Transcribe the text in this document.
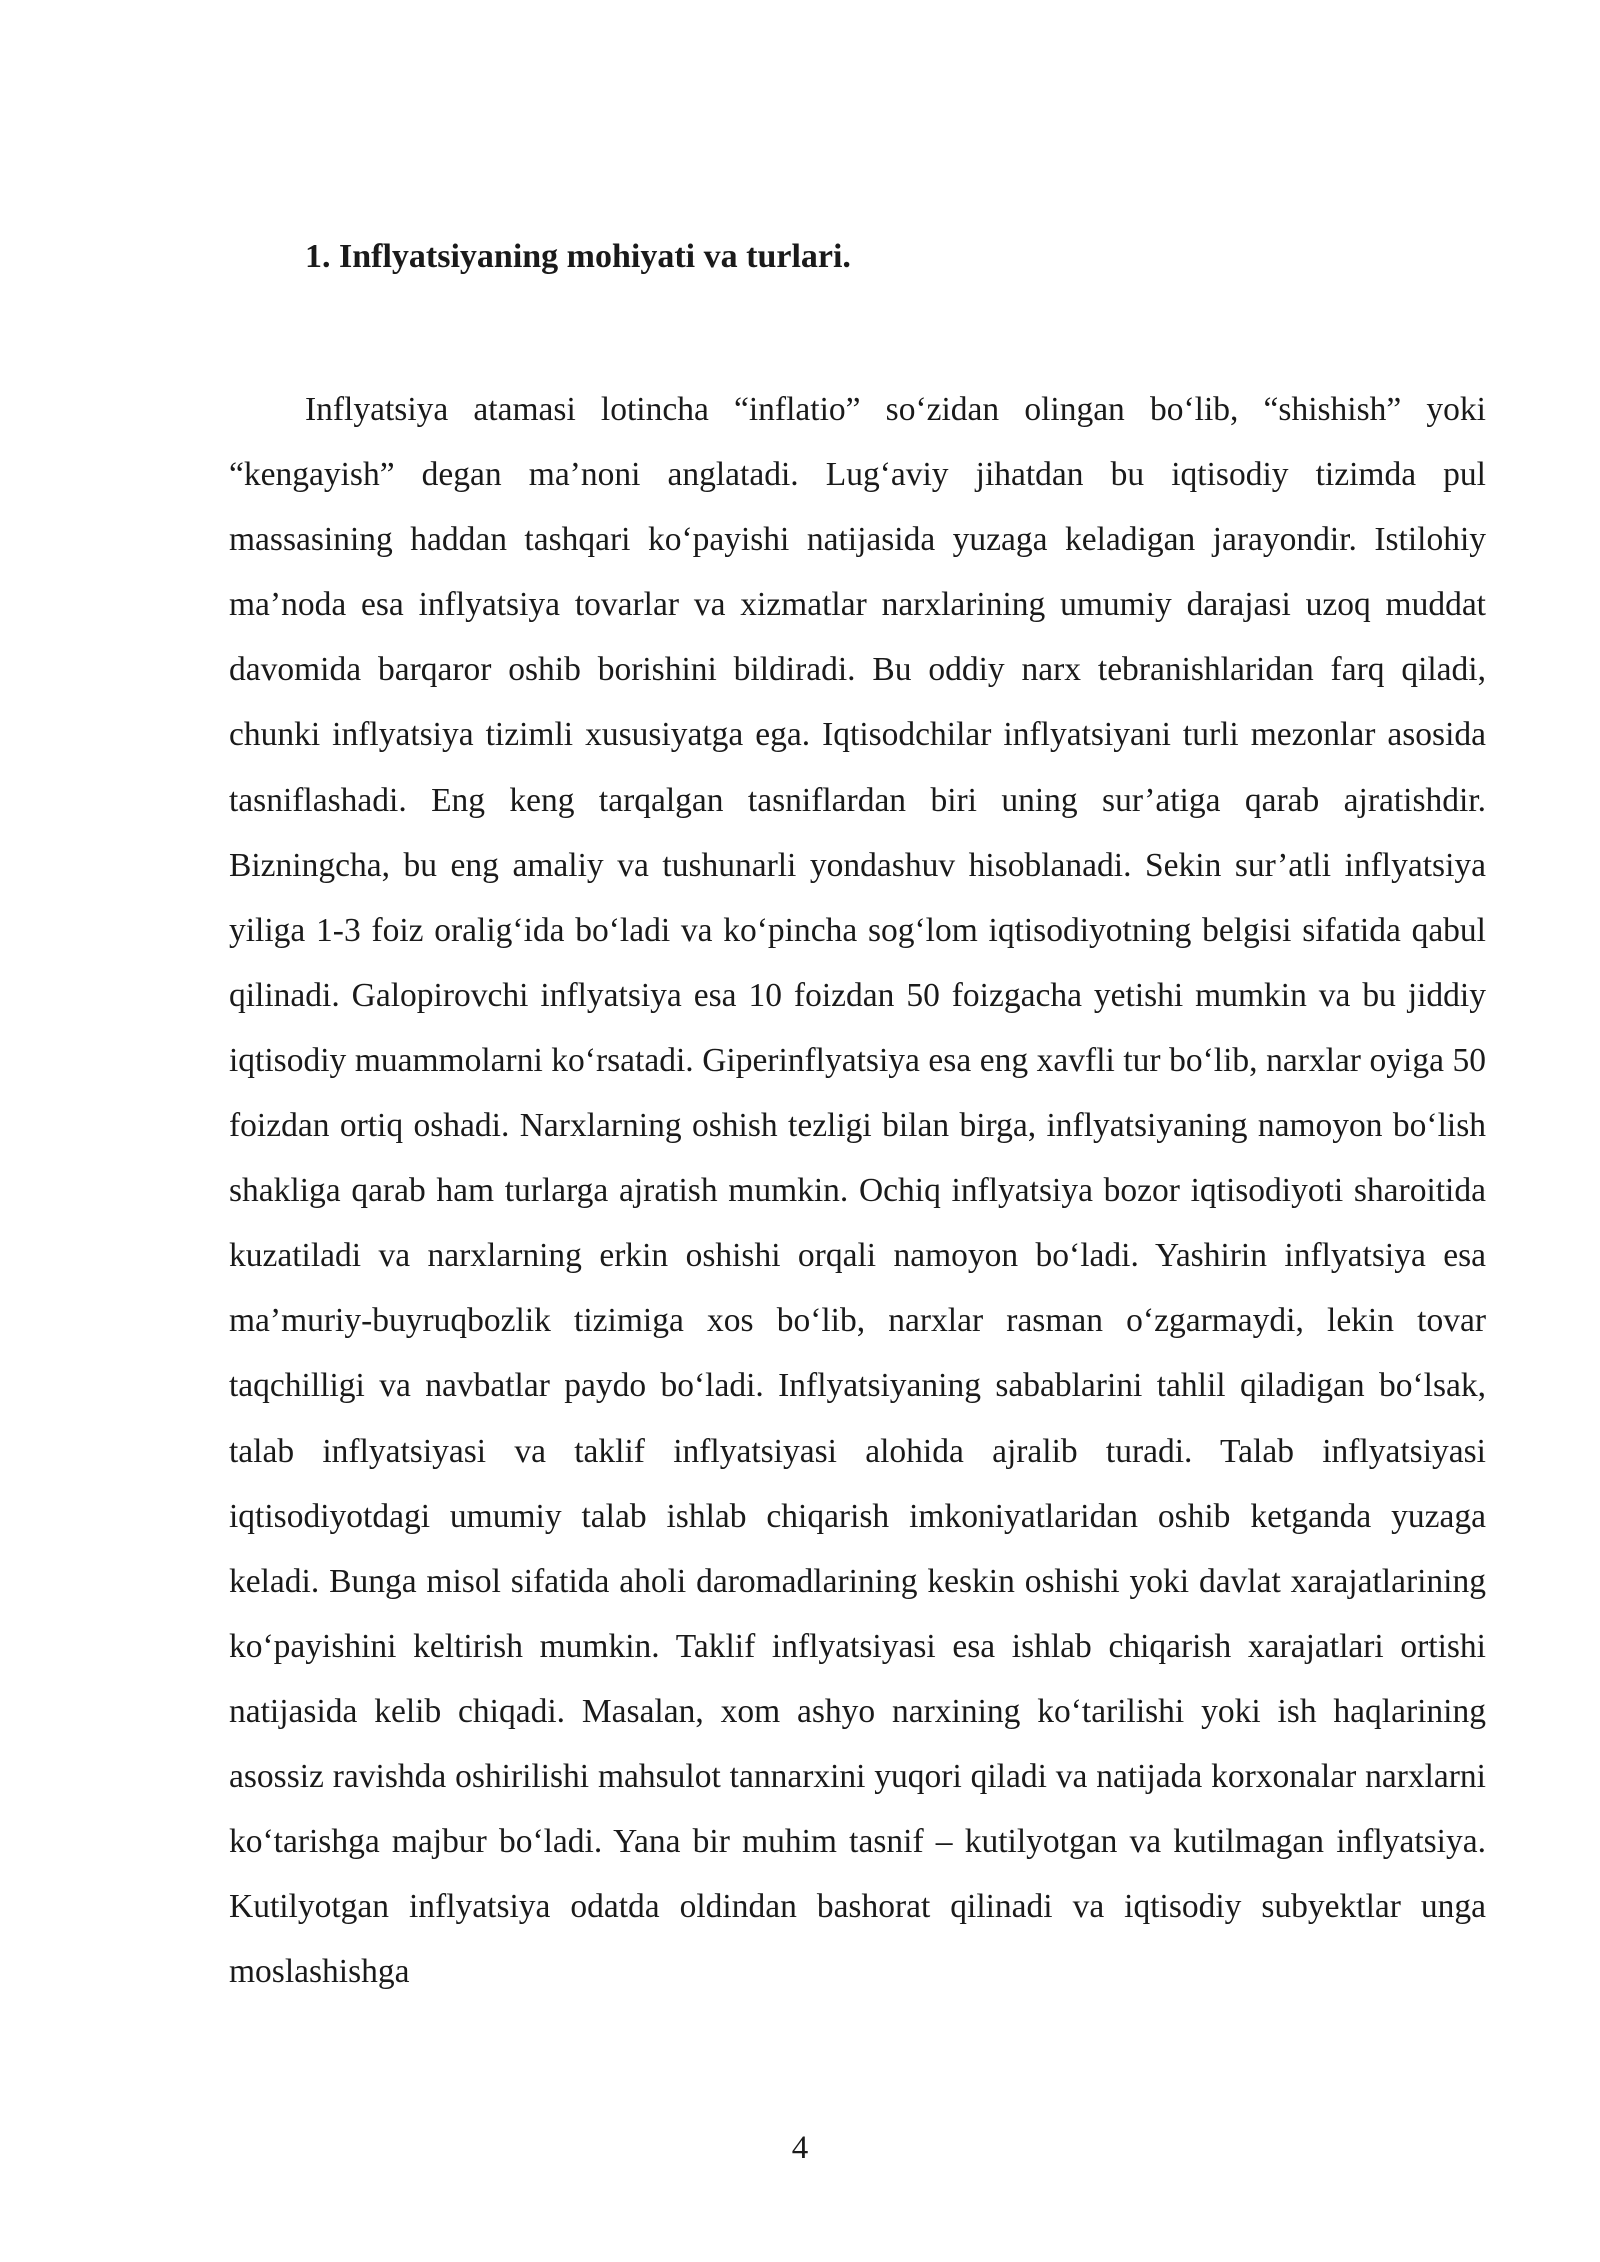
1. Inflyatsiyaning mohiyati va turlari.

Inflyatsiya atamasi lotincha “inflatio” so‘zidan olingan bo‘lib, “shishish” yoki “kengayish” degan ma’noni anglatadi. Lug‘aviy jihatdan bu iqtisodiy tizimda pul massasining haddan tashqari ko‘payishi natijasida yuzaga keladigan jarayondir. Istilohiy ma’noda esa inflyatsiya tovarlar va xizmatlar narxlarining umumiy darajasi uzoq muddat davomida barqaror oshib borishini bildiradi. Bu oddiy narx tebranishlaridan farq qiladi, chunki inflyatsiya tizimli xususiyatga ega. Iqtisodchilar inflyatsiyani turli mezonlar asosida tasniflashadi. Eng keng tarqalgan tasniflardan biri uning sur’atiga qarab ajratishdir. Bizningcha, bu eng amaliy va tushunarli yondashuv hisoblanadi. Sekin sur’atli inflyatsiya yiliga 1-3 foiz oralig‘ida bo‘ladi va ko‘pincha sog‘lom iqtisodiyotning belgisi sifatida qabul qilinadi. Galopirovchi inflyatsiya esa 10 foizdan 50 foizgacha yetishi mumkin va bu jiddiy iqtisodiy muammolarni ko‘rsatadi. Giperinflyatsiya esa eng xavfli tur bo‘lib, narxlar oyiga 50 foizdan ortiq oshadi. Narxlarning oshish tezligi bilan birga, inflyatsiyaning namoyon bo‘lish shakliga qarab ham turlarga ajratish mumkin. Ochiq inflyatsiya bozor iqtisodiyoti sharoitida kuzatiladi va narxlarning erkin oshishi orqali namoyon bo‘ladi. Yashirin inflyatsiya esa ma’muriy-buyruqbozlik tizimiga xos bo‘lib, narxlar rasman o‘zgarmaydi, lekin tovar taqchilligi va navbatlar paydo bo‘ladi. Inflyatsiyaning sabablarini tahlil qiladigan bo‘lsak, talab inflyatsiyasi va taklif inflyatsiyasi alohida ajralib turadi. Talab inflyatsiyasi iqtisodiyotdagi umumiy talab ishlab chiqarish imkoniyatlaridan oshib ketganda yuzaga keladi. Bunga misol sifatida aholi daromadlarining keskin oshishi yoki davlat xarajatlarining ko‘payishini keltirish mumkin. Taklif inflyatsiyasi esa ishlab chiqarish xarajatlari ortishi natijasida kelib chiqadi. Masalan, xom ashyo narxining ko‘tarilishi yoki ish haqlarining asossiz ravishda oshirilishi mahsulot tannarxini yuqori qiladi va natijada korxonalar narxlarni ko‘tarishga majbur bo‘ladi. Yana bir muhim tasnif – kutilyotgan va kutilmagan inflyatsiya. Kutilyotgan inflyatsiya odatda oldindan bashorat qilinadi va iqtisodiy subyektlar unga moslashishga

4
